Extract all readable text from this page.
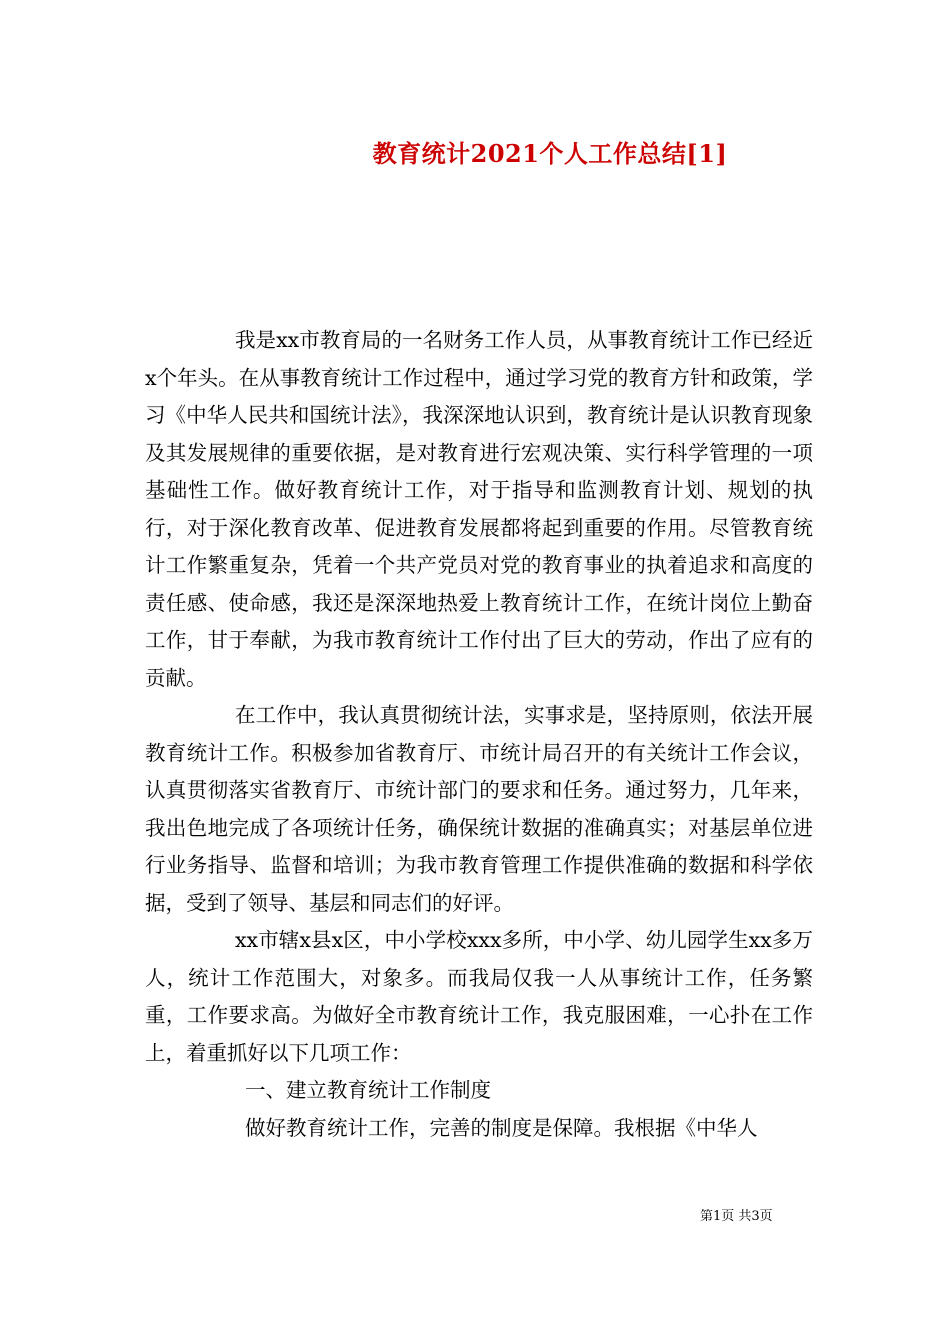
教育统计2021个人工作总结[1]

我是xx市教育局的一名财务工作人员，从事教育统计工作已经近x个年头。在从事教育统计工作过程中，通过学习党的教育方针和政策，学习《中华人民共和国统计法》，我深深地认识到，教育统计是认识教育现象及其发展规律的重要依据，是对教育进行宏观决策、实行科学管理的一项基础性工作。做好教育统计工作，对于指导和监测教育计划、规划的执行，对于深化教育改革、促进教育发展都将起到重要的作用。尽管教育统计工作繁重复杂，凭着一个共产党员对党的教育事业的执着追求和高度的责任感、使命感，我还是深深地热爱上教育统计工作，在统计岗位上勤奋工作，甘于奉献，为我市教育统计工作付出了巨大的劳动，作出了应有的贡献。

在工作中，我认真贯彻统计法，实事求是，坚持原则，依法开展教育统计工作。积极参加省教育厅、市统计局召开的有关统计工作会议，认真贯彻落实省教育厅、市统计部门的要求和任务。通过努力，几年来，我出色地完成了各项统计任务，确保统计数据的准确真实；对基层单位进行业务指导、监督和培训；为我市教育管理工作提供准确的数据和科学依据，受到了领导、基层和同志们的好评。

xx市辖x县x区，中小学校xxx多所，中小学、幼儿园学生xx多万人，统计工作范围大，对象多。而我局仅我一人从事统计工作，任务繁重，工作要求高。为做好全市教育统计工作，我克服困难，一心扑在工作上，着重抓好以下几项工作：

一、建立教育统计工作制度

做好教育统计工作，完善的制度是保障。我根据《中华人

第1页 共3页
